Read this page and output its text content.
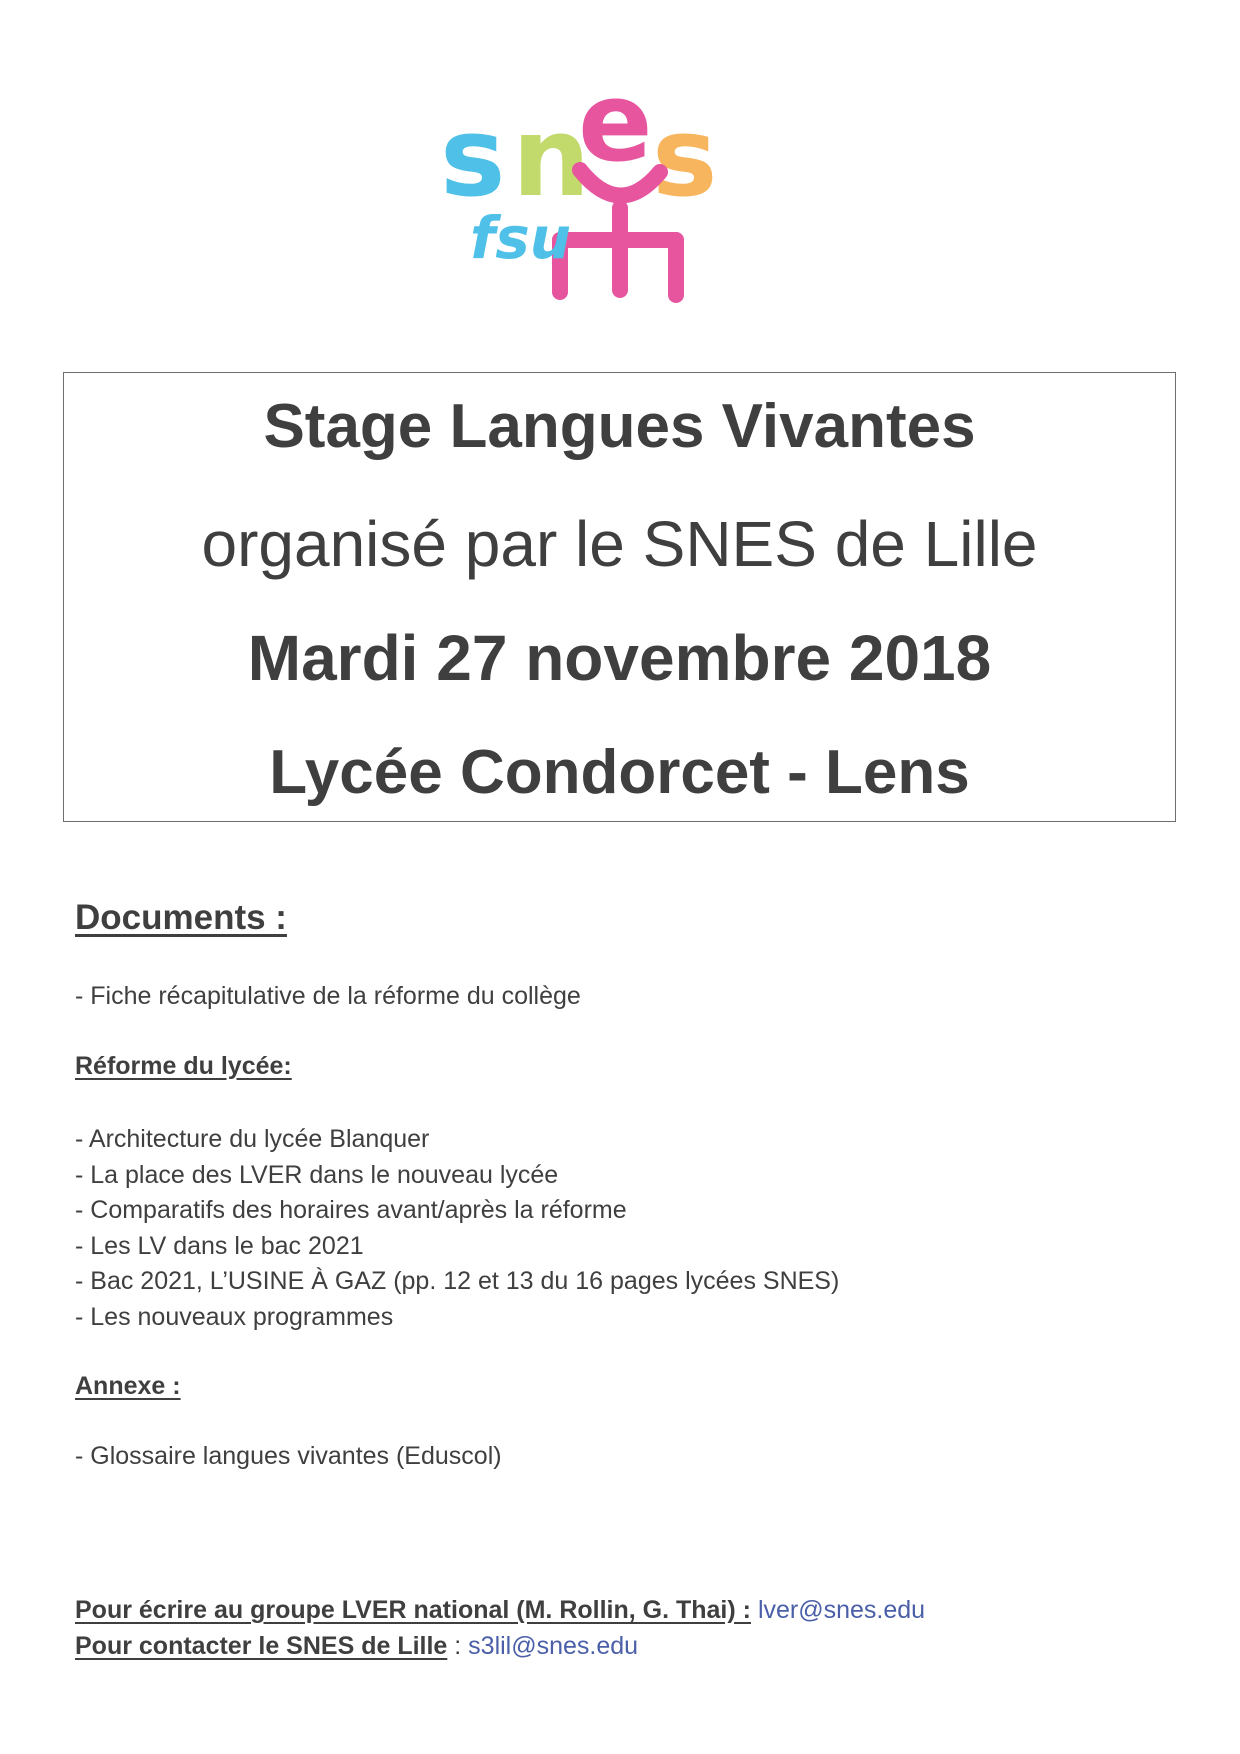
s n
e s
fsu
Stage Langues Vivantes
organisé par le SNES de Lille
Mardi 27 novembre 2018
Lycée Condorcet - Lens
Documents :
- Fiche récapitulative de la réforme du collège
Réforme du lycée:
- Architecture du lycée Blanquer
- La place des LVER dans le nouveau lycée
- Comparatifs des horaires avant/après la réforme
- Les LV dans le bac 2021
- Bac 2021, L’USINE À GAZ (pp. 12 et 13 du 16 pages lycées SNES)
- Les nouveaux programmes
Annexe :
- Glossaire langues vivantes (Eduscol)
Pour écrire au groupe LVER national (M. Rollin, G. Thai) : lver@snes.edu
Pour contacter le SNES de Lille : s3lil@snes.edu
